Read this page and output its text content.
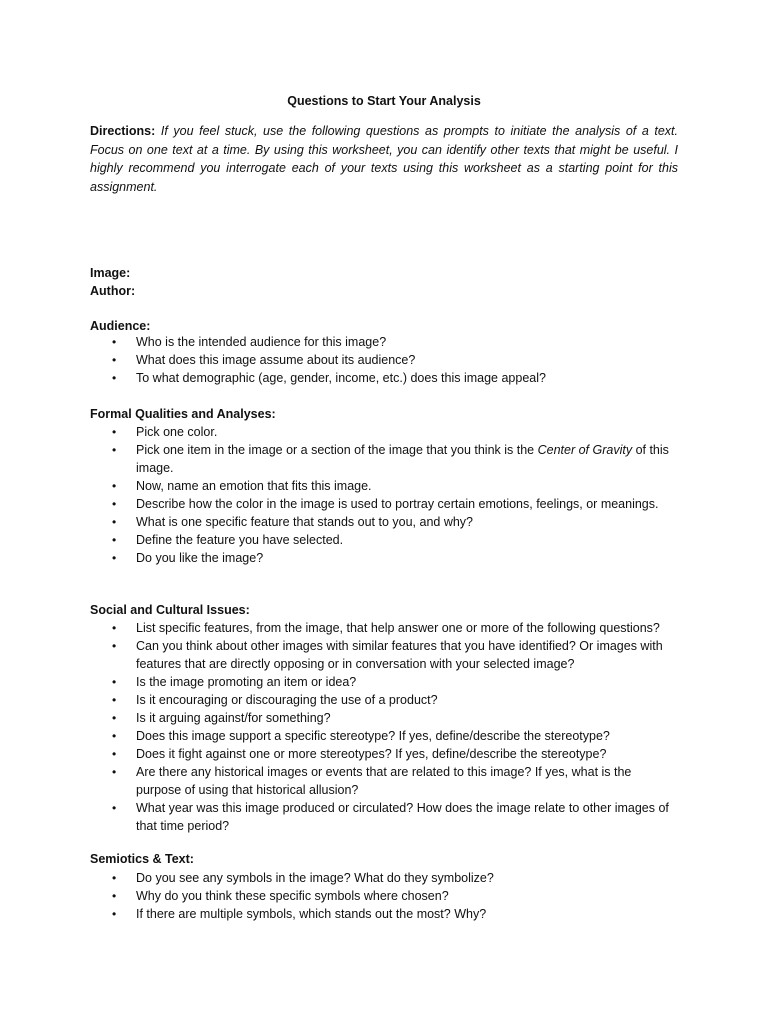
Questions to Start Your Analysis
Directions: If you feel stuck, use the following questions as prompts to initiate the analysis of a text. Focus on one text at a time. By using this worksheet, you can identify other texts that might be useful. I highly recommend you interrogate each of your texts using this worksheet as a starting point for this assignment.
Image:
Author:
Audience:
• Who is the intended audience for this image?
• What does this image assume about its audience?
• To what demographic (age, gender, income, etc.) does this image appeal?
Formal Qualities and Analyses:
• Pick one color.
• Pick one item in the image or a section of the image that you think is the Center of Gravity of this image.
• Now, name an emotion that fits this image.
• Describe how the color in the image is used to portray certain emotions, feelings, or meanings.
• What is one specific feature that stands out to you, and why?
• Define the feature you have selected.
• Do you like the image?
Social and Cultural Issues:
• List specific features, from the image, that help answer one or more of the following questions?
• Can you think about other images with similar features that you have identified? Or images with features that are directly opposing or in conversation with your selected image?
• Is the image promoting an item or idea?
• Is it encouraging or discouraging the use of a product?
• Is it arguing against/for something?
• Does this image support a specific stereotype? If yes, define/describe the stereotype?
• Does it fight against one or more stereotypes? If yes, define/describe the stereotype?
• Are there any historical images or events that are related to this image? If yes, what is the purpose of using that historical allusion?
• What year was this image produced or circulated? How does the image relate to other images of that time period?
Semiotics & Text:
• Do you see any symbols in the image? What do they symbolize?
• Why do you think these specific symbols where chosen?
• If there are multiple symbols, which stands out the most? Why?
